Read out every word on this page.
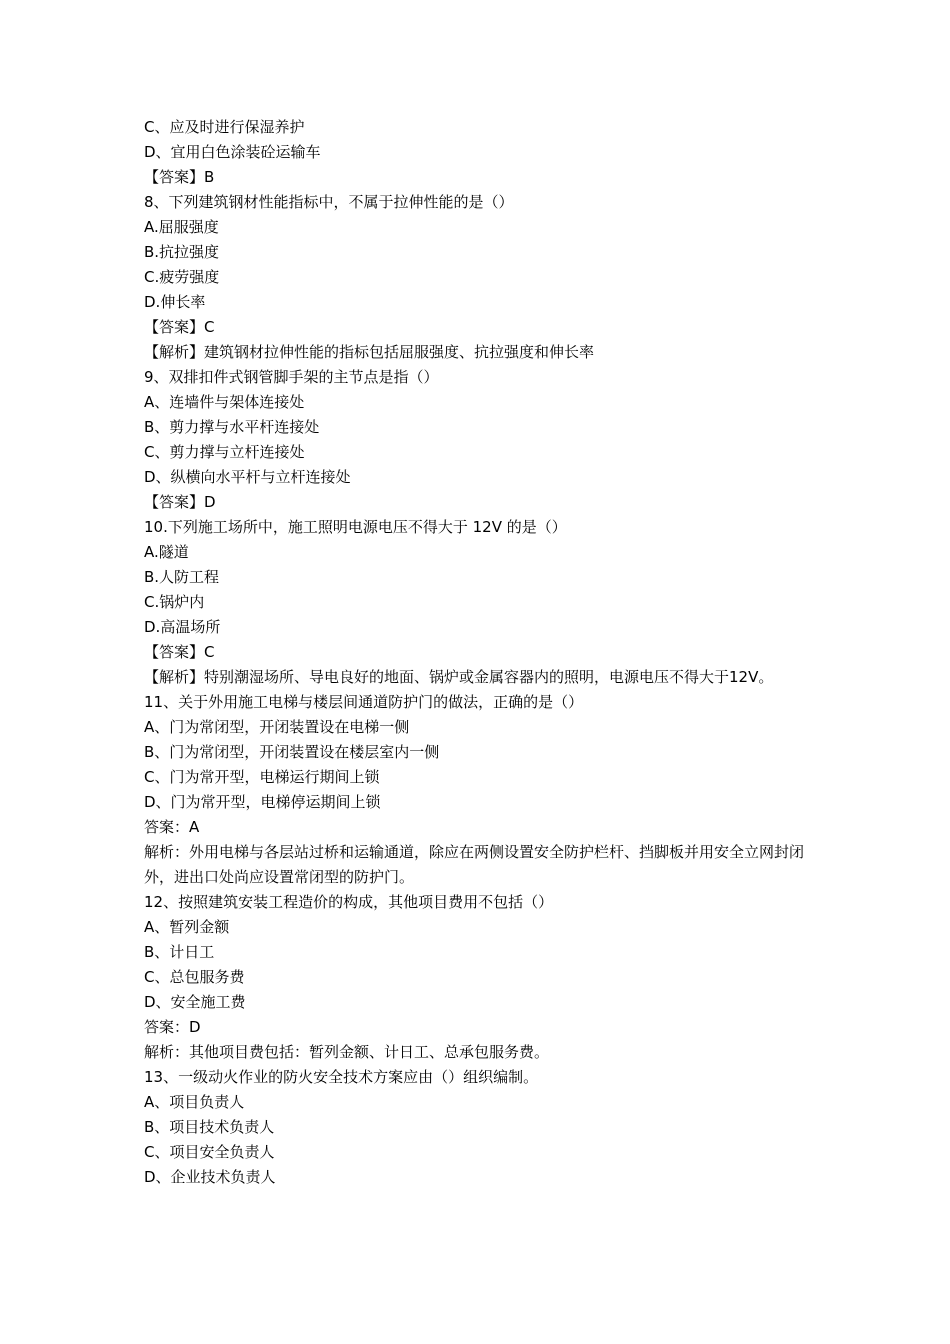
C、应及时进行保湿养护
D、宜用白色涂装砼运输车
【答案】B
8、下列建筑钢材性能指标中，不属于拉伸性能的是（）
A.屈服强度
B.抗拉强度
C.疲劳强度
D.伸长率
【答案】C
【解析】建筑钢材拉伸性能的指标包括屈服强度、抗拉强度和伸长率
9、双排扣件式钢管脚手架的主节点是指（）
A、连墙件与架体连接处
B、剪力撑与水平杆连接处
C、剪力撑与立杆连接处
D、纵横向水平杆与立杆连接处
【答案】D
10.下列施工场所中，施工照明电源电压不得大于 12V 的是（）
A.隧道
B.人防工程
C.锅炉内
D.高温场所
【答案】C
【解析】特别潮湿场所、导电良好的地面、锅炉或金属容器内的照明，电源电压不得大于12V。
11、关于外用施工电梯与楼层间通道防护门的做法，正确的是（）
A、门为常闭型，开闭装置设在电梯一侧
B、门为常闭型，开闭装置设在楼层室内一侧
C、门为常开型，电梯运行期间上锁
D、门为常开型，电梯停运期间上锁
答案：A
解析：外用电梯与各层站过桥和运输通道，除应在两侧设置安全防护栏杆、挡脚板并用安全立网封闭外，进出口处尚应设置常闭型的防护门。
12、按照建筑安装工程造价的构成，其他项目费用不包括（）
A、暂列金额
B、计日工
C、总包服务费
D、安全施工费
答案：D
解析：其他项目费包括：暂列金额、计日工、总承包服务费。
13、一级动火作业的防火安全技术方案应由（）组织编制。
A、项目负责人
B、项目技术负责人
C、项目安全负责人
D、企业技术负责人
